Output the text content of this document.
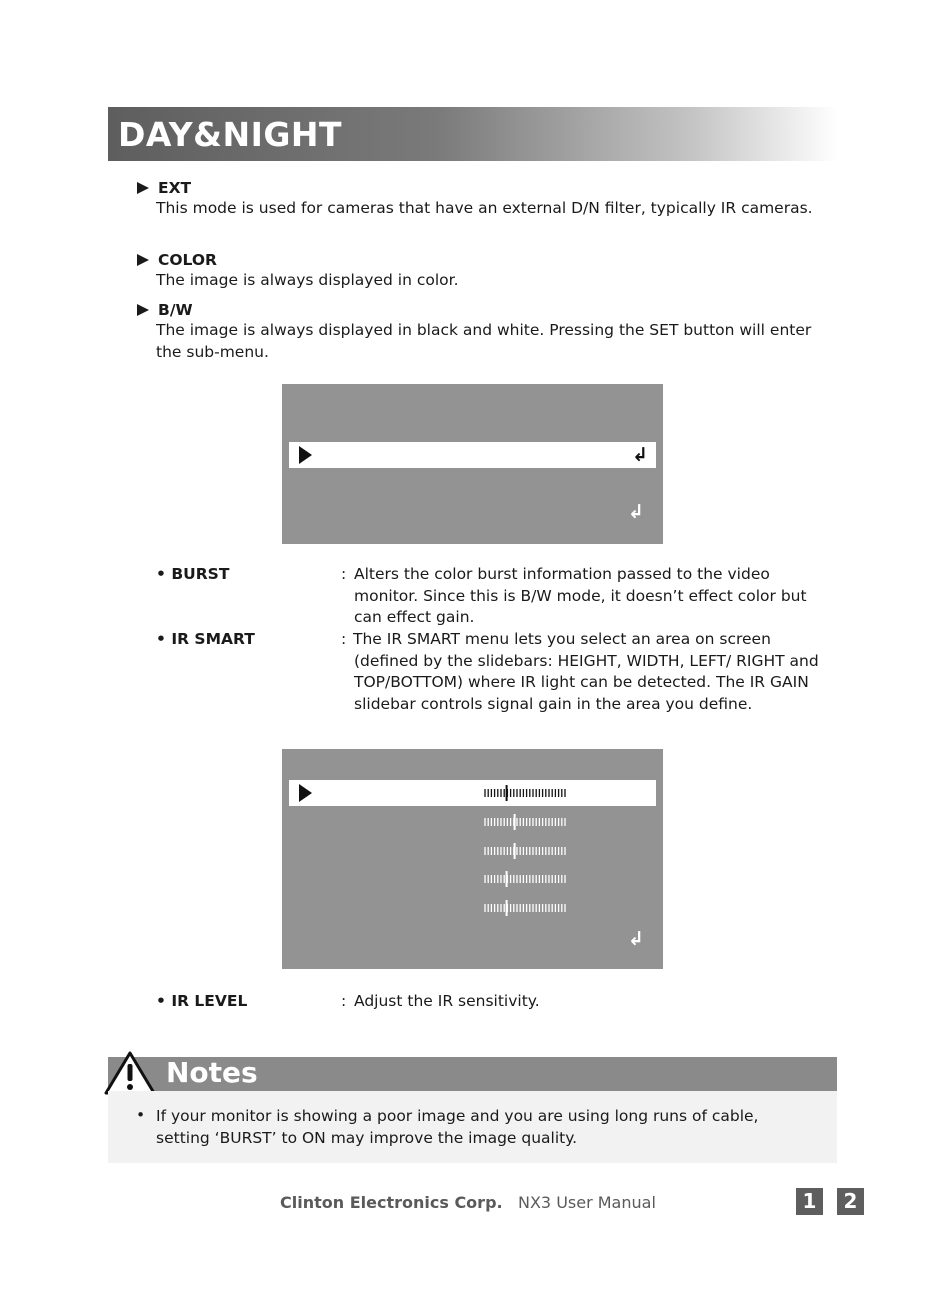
DAY&NIGHT
EXT
This mode is used for cameras that have an external D/N filter, typically IR cameras.
COLOR
The image is always displayed in color.
B/W
The image is always displayed in black and white. Pressing the SET button will enter the sub-menu.
↲
↲
• BURST	: Alters the color burst information passed to the video monitor. Since this is B/W mode, it doesn’t effect color but can effect gain.
• IR SMART	: The IR SMART menu lets you select an area on screen (defined by the slidebars: HEIGHT, WIDTH, LEFT/ RIGHT and TOP/BOTTOM) where IR light can be detected. The IR GAIN slidebar controls signal gain in the area you define.
↲
• IR LEVEL	: Adjust the IR sensitivity.
Notes
• If your monitor is showing a poor image and you are using long runs of cable, setting ‘BURST’ to ON may improve the image quality.
Clinton Electronics Corp. NX3 User Manual	1	2
